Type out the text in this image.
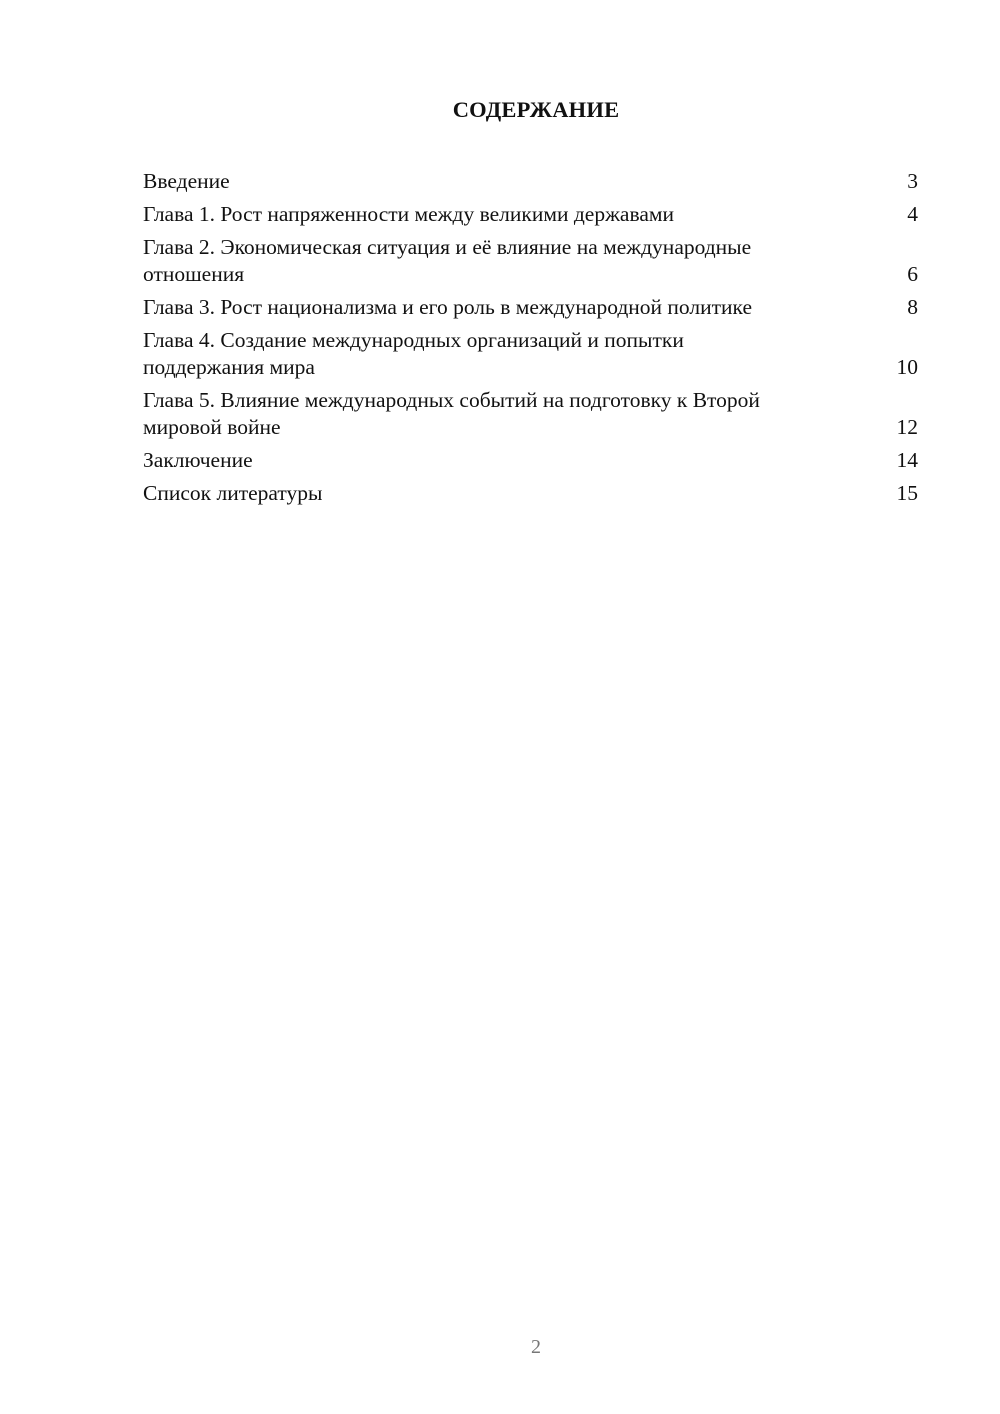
СОДЕРЖАНИЕ
Введение	3
Глава 1. Рост напряженности между великими державами	4
Глава 2. Экономическая ситуация и её влияние на международные отношения	6
Глава 3. Рост национализма и его роль в международной политике	8
Глава 4. Создание международных организаций и попытки поддержания мира	10
Глава 5. Влияние международных событий на подготовку к Второй мировой войне	12
Заключение	14
Список литературы	15
2
